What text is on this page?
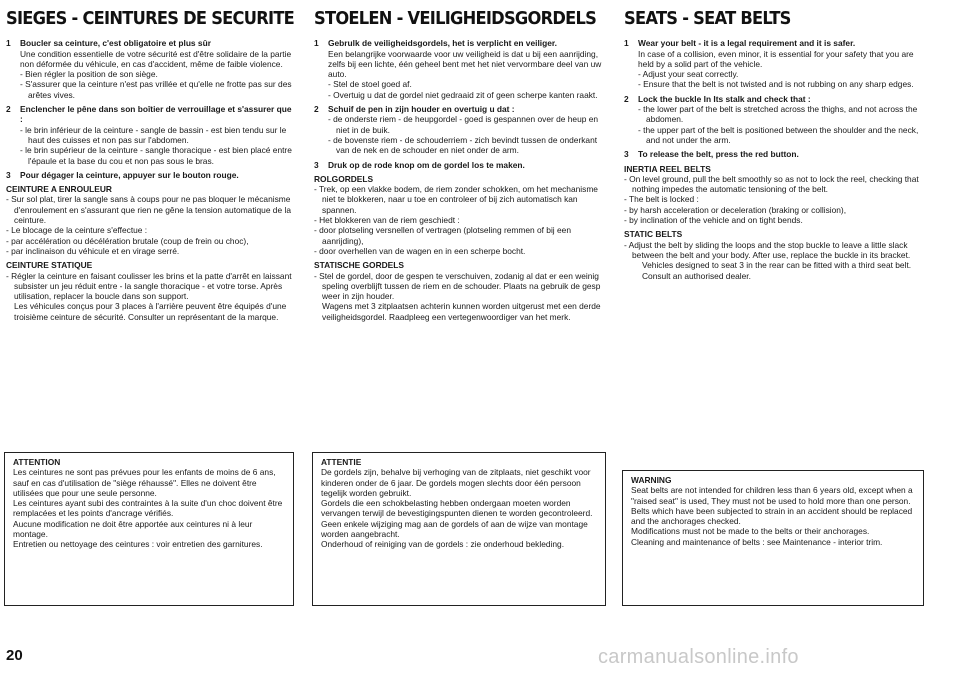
SIEGES - CEINTURES DE SECURITE
1 Boucler sa ceinture, c'est obligatoire et plus sûr
Une condition essentielle de votre sécurité est d'être solidaire de la partie non déformée du véhicule, en cas d'accident, même de faible violence.
- Bien régler la position de son siège.
- S'assurer que la ceinture n'est pas vrillée et qu'elle ne frotte pas sur des arêtes vives.
2 Enclencher le pêne dans son boîtier de verrouillage et s'assurer que :
- le brin inférieur de la ceinture - sangle de bassin - est bien tendu sur le haut des cuisses et non pas sur l'abdomen.
- le brin supérieur de la ceinture - sangle thoracique - est bien placé entre l'épaule et la base du cou et non pas sous le bras.
3 Pour dégager la ceinture, appuyer sur le bouton rouge.
CEINTURE A ENROULEUR
- Sur sol plat, tirer la sangle sans à coups pour ne pas bloquer le mécanisme d'enroulement en s'assurant que rien ne gêne la tension automatique de la ceinture.
- Le blocage de la ceinture s'effectue :
- par accélération ou décélération brutale (coup de frein ou choc),
- par inclinaison du véhicule et en virage serré.
CEINTURE STATIQUE
- Régler la ceinture en faisant coulisser les brins et la patte d'arrêt en laissant subsister un jeu réduit entre - la sangle thoracique - et votre torse. Après utilisation, replacer la boucle dans son support.
Les véhicules conçus pour 3 places à l'arrière peuvent être équipés d'une troisième ceinture de sécurité. Consulter un représentant de la marque.
ATTENTION
Les ceintures ne sont pas prévues pour les enfants de moins de 6 ans, sauf en cas d'utilisation de "siège réhaussé". Elles ne doivent être utilisées que pour une seule personne.
Les ceintures ayant subi des contraintes à la suite d'un choc doivent être remplacées et les points d'ancrage vérifiés.
Aucune modification ne doit être apportée aux ceintures ni à leur montage.
Entretien ou nettoyage des ceintures : voir entretien des garnitures.
STOELEN - VEILIGHEIDSGORDELS
1 Gebrulk de veiligheidsgordels, het is verplicht en veiliger.
Een belangrijke voorwaarde voor uw veiligheid is dat u bij een aanrijding, zelfs bij een lichte, één geheel bent met het niet vervormbare deel van uw auto.
- Stel de stoel goed af.
- Overtuig u dat de gordel niet gedraaid zit of geen scherpe kanten raakt.
2 Schuif de pen in zijn houder en overtuig u dat :
- de onderste riem - de heupgordel - goed is gespannen over de heup en niet in de buik.
- de bovenste riem - de schouderriem - zich bevindt tussen de onderkant van de nek en de schouder en niet onder de arm.
3 Druk op de rode knop om de gordel los te maken.
ROLGORDELS
- Trek, op een vlakke bodem, de riem zonder schokken, om het mechanisme niet te blokkeren, naar u toe en controleer of bij zich automatisch kan spannen.
- Het blokkeren van de riem geschiedt :
- door plotseling versnellen of vertragen (plotseling remmen of bij een aanrijding),
- door overhellen van de wagen en in een scherpe bocht.
STATISCHE GORDELS
- Stel de gordel, door de gespen te verschuiven, zodanig al dat er een weinig speling overblijft tussen de riem en de schouder. Plaats na gebruik de gesp weer in zijn houder.
Wagens met 3 zitplaatsen achterin kunnen worden uitgerust met een derde veiligheidsgordel. Raadpleeg een vertegenwoordiger van het merk.
ATTENTIE
De gordels zijn, behalve bij verhoging van de zitplaats, niet geschikt voor kinderen onder de 6 jaar. De gordels mogen slechts door één persoon tegelijk worden gebruikt.
Gordels die een schokbelasting hebben ondergaan moeten worden vervangen terwijl de bevestigingspunten dienen te worden gecontroleerd. Geen enkele wijziging mag aan de gordels of aan de wijze van montage worden aangebracht.
Onderhoud of reiniging van de gordels : zie onderhoud bekleding.
SEATS - SEAT BELTS
1 Wear your belt - it is a legal requirement and it is safer.
In case of a collision, even minor, it is essential for your safety that you are held by a solid part of the vehicle.
- Adjust your seat correctly.
- Ensure that the belt is not twisted and is not rubbing on any sharp edges.
2 Lock the buckle In Its stalk and check that :
- the lower part of the belt is stretched across the thighs, and not across the abdomen.
- the upper part of the belt is positioned between the shoulder and the neck, and not under the arm.
3 To release the belt, press the red button.
INERTIA REEL BELTS
- On level ground, pull the belt smoothly so as not to lock the reel, checking that nothing impedes the automatic tensioning of the belt.
- The belt is locked :
- by harsh acceleration or deceleration (braking or collision),
- by inclination of the vehicle and on tight bends.
STATIC BELTS
- Adjust the belt by sliding the loops and the stop buckle to leave a little slack between the belt and your body. After use, replace the buckle in its bracket.
Vehicles designed to seat 3 in the rear can be fitted with a third seat belt. Consult an authorised dealer.
WARNING
Seat belts are not intended for children less than 6 years old, except when a "raised seat" is used, They must not be used to hold more than one person.
Belts which have been subjected to strain in an accident should be replaced and the anchorages checked.
Modifications must not be made to the belts or their anchorages.
Cleaning and maintenance of belts : see Maintenance - interior trim.
20	carmanualsonline.info
